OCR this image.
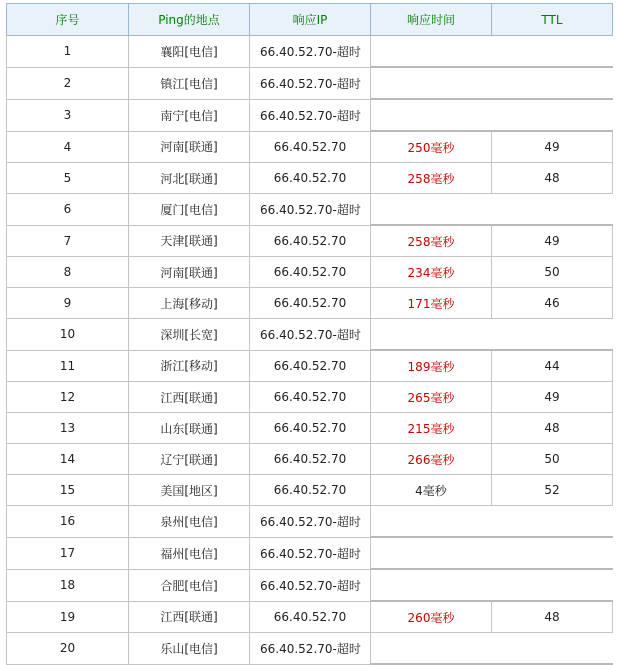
序号	Ping的地点	响应IP	响应时间	TTL
1	襄阳[电信]	66.40.52.70-超时		
2	镇江[电信]	66.40.52.70-超时		
3	南宁[电信]	66.40.52.70-超时		
4	河南[联通]	66.40.52.70	250毫秒	49
5	河北[联通]	66.40.52.70	258毫秒	48
6	厦门[电信]	66.40.52.70-超时		
7	天津[联通]	66.40.52.70	258毫秒	49
8	河南[联通]	66.40.52.70	234毫秒	50
9	上海[移动]	66.40.52.70	171毫秒	46
10	深圳[长宽]	66.40.52.70-超时		
11	浙江[移动]	66.40.52.70	189毫秒	44
12	江西[联通]	66.40.52.70	265毫秒	49
13	山东[联通]	66.40.52.70	215毫秒	48
14	辽宁[联通]	66.40.52.70	266毫秒	50
15	美国[地区]	66.40.52.70	4毫秒	52
16	泉州[电信]	66.40.52.70-超时		
17	福州[电信]	66.40.52.70-超时		
18	合肥[电信]	66.40.52.70-超时		
19	江西[联通]	66.40.52.70	260毫秒	48
20	乐山[电信]	66.40.52.70-超时		
